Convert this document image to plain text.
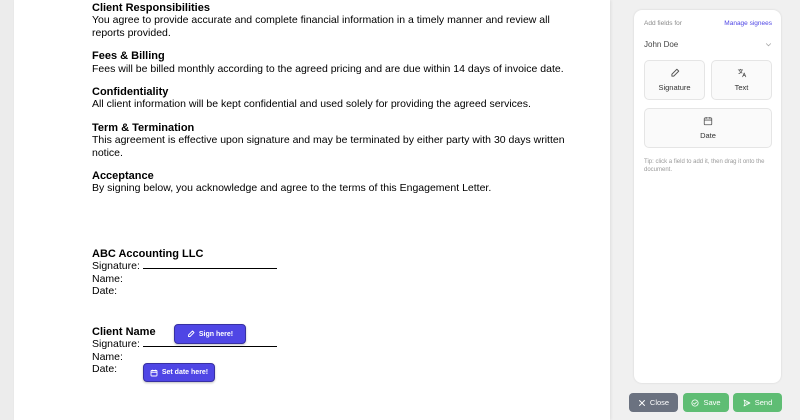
Client Responsibilities
You agree to provide accurate and complete financial information in a timely manner and review all reports provided.
Fees & Billing
Fees will be billed monthly according to the agreed pricing and are due within 14 days of invoice date.
Confidentiality
All client information will be kept confidential and used solely for providing the agreed services.
Term & Termination
This agreement is effective upon signature and may be terminated by either party with 30 days written notice.
Acceptance
By signing below, you acknowledge and agree to the terms of this Engagement Letter.
ABC Accounting LLC
Signature:
Name:
Date:
Client Name
Signature:
Name:
Date:
Sign here!
Set date here!
Add fields for	Manage signees
John Doe
Signature	Text
Date
Tip: click a field to add it, then drag it onto the document.
Close	Save	Send
